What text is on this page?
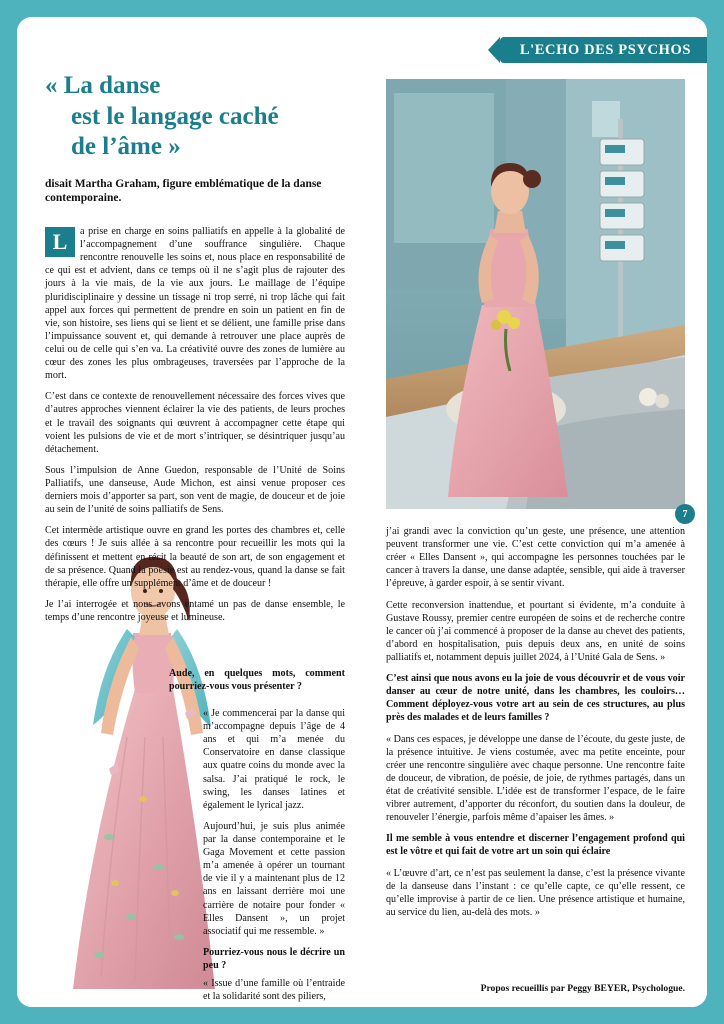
L'ECHO DES PSYCHOS
« La danse
est le langage caché
de l’âme »
disait Martha Graham, figure emblématique de la danse contemporaine.
7

L	a prise en charge en soins palliatifs en appelle à la globalité de l’accompagnement d’une souffrance singulière. Chaque rencontre renouvelle les soins et, nous place en responsabilité de ce qui est et advient, dans ce temps où il ne s’agit plus de rajouter des jours à la vie mais, de la vie aux jours. Le maillage de l’équipe pluridisciplinaire y dessine un tissage ni trop serré, ni trop lâche qui fait appel aux forces qui permettent de prendre en soin un patient en fin de vie, son histoire, ses liens qui se lient et se délient, une famille prise dans l’impuissance souvent et, qui demande à retrouver une place auprès de celui ou de celle qui s’en va. La créativité ouvre des zones de lumière au cœur des zones les plus ombrageuses, traversées par l’approche de la mort.

C’est dans ce contexte de renouvellement nécessaire des forces vives que d’autres approches viennent éclairer la vie des patients, de leurs proches et le travail des soignants qui œuvrent à accompagner cette étape qui voient les pulsions de vie et de mort s’intriquer, se désintriquer jusqu’au détachement.

Sous l’impulsion de Anne Guedon, responsable de l’Unité de Soins Palliatifs, une danseuse, Aude Michon, est ainsi venue proposer ces derniers mois d’apporter sa part, son vent de magie, de douceur et de joie au sein de l’unité de soins palliatifs de Sens.

Cet intermède artistique ouvre en grand les portes des chambres et, celle des cœurs ! Je suis allée à sa rencontre pour recueillir les mots qui la définissent et mettent en récit la beauté de son art, de son engagement et de sa présence. Quand la poésie est au rendez-vous, quand la danse se fait thérapie, elle offre un supplément d’âme et de douceur !

Je l’ai interrogée et nous avons entamé un pas de danse ensemble, le temps d’une rencontre joyeuse et lumineuse.

Aude, en quelques mots, comment pourriez-vous vous présenter ?

« Je commencerai par la danse qui m’accompagne depuis l’âge de 4 ans et qui m’a menée du Conservatoire en danse classique aux quatre coins du monde avec la salsa. J’ai pratiqué le rock, le swing, les danses latines et également le lyrical jazz.

Aujourd’hui, je suis plus animée par la danse contemporaine et le Gaga Movement et cette passion m’a amenée à opérer un tournant de vie il y a maintenant plus de 12 ans en laissant derrière moi une carrière de notaire pour fonder « Elles Dansent », un projet associatif qui me ressemble. »

Pourriez-vous nous le décrire un peu ?

« Issue d’une famille où l’entraide et la solidarité sont des piliers,

j’ai grandi avec la conviction qu’un geste, une présence, une attention peuvent transformer une vie. C’est cette conviction qui m’a amenée à créer « Elles Dansent », qui accompagne les personnes touchées par le cancer à travers la danse, une danse adaptée, sensible, qui aide à traverser l’épreuve, à garder espoir, à se sentir vivant.

Cette reconversion inattendue, et pourtant si évidente, m’a conduite à Gustave Roussy, premier centre européen de soins et de recherche contre le cancer où j’ai commencé à proposer de la danse au chevet des patients, d’abord en hospitalisation, puis depuis deux ans, en unité de soins palliatifs et, notamment depuis juillet 2024, à l’Unité Gala de Sens. »

C’est ainsi que nous avons eu la joie de vous découvrir et de vous voir danser au cœur de notre unité, dans les chambres, les couloirs… Comment déployez-vous votre art au sein de ces structures, au plus près des malades et de leurs familles ?

« Dans ces espaces, je développe une danse de l’écoute, du geste juste, de la présence intuitive. Je viens costumée, avec ma petite enceinte, pour créer une rencontre singulière avec chaque personne. Une rencontre faite de douceur, de vibration, de poésie, de joie, de rythmes partagés, dans un état de créativité sensible. L’idée est de transformer l’espace, de le faire vibrer autrement, d’apporter du réconfort, du soutien dans la douleur, de renouveler l’énergie, parfois même d’apaiser les âmes. »

Il me semble à vous entendre et discerner l’engagement profond qui est le vôtre et qui fait de votre art un soin qui éclaire

« L’œuvre d’art, ce n’est pas seulement la danse, c’est la présence vivante de la danseuse dans l’instant : ce qu’elle capte, ce qu’elle ressent, ce qu’elle improvise à partir de ce lien. Une présence artistique et humaine, au service du lien, au-delà des mots. »

Propos recueillis par Peggy BEYER, Psychologue.
